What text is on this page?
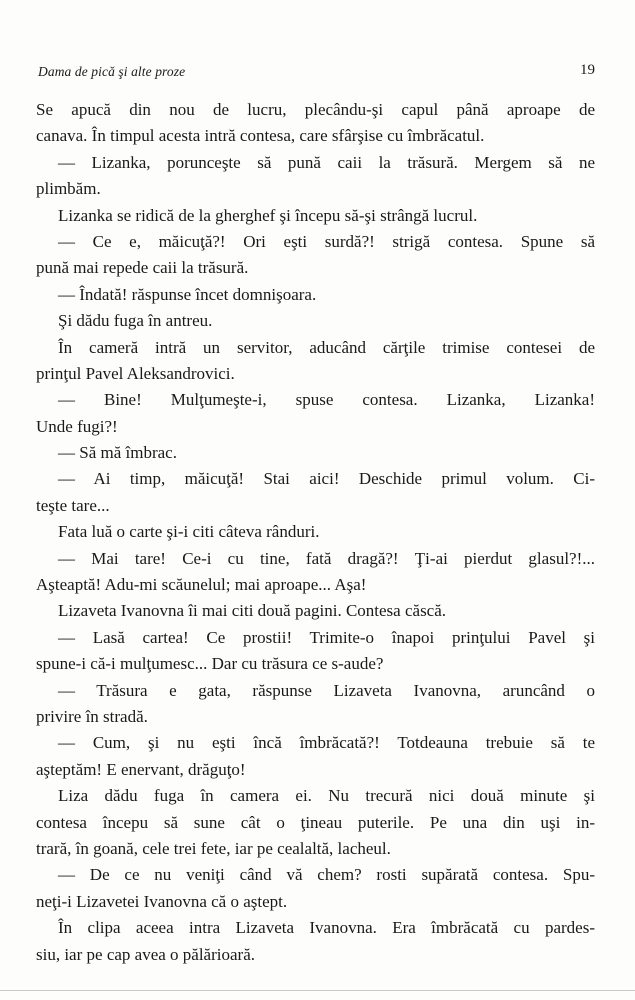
Dama de pică şi alte proze	19
Se apucă din nou de lucru, plecându-şi capul până aproape de
canava. În timpul acesta intră contesa, care sfârşise cu îmbrăcatul.
— Lizanka, porunceşte să pună caii la trăsură. Mergem să ne
plimbăm.
Lizanka se ridică de la gherghef şi începu să-şi strângă lucrul.
— Ce e, măicuţă?! Ori eşti surdă?! strigă contesa. Spune să
pună mai repede caii la trăsură.
— Îndată! răspunse încet domnişoara.
Şi dădu fuga în antreu.
În cameră intră un servitor, aducând cărţile trimise contesei de
prinţul Pavel Aleksandrovici.
— Bine! Mulţumeşte-i, spuse contesa. Lizanka, Lizanka!
Unde fugi?!
— Să mă îmbrac.
— Ai timp, măicuţă! Stai aici! Deschide primul volum. Ci-
teşte tare...
Fata luă o carte şi-i citi câteva rânduri.
— Mai tare! Ce-i cu tine, fată dragă?! Ţi-ai pierdut glasul?!...
Aşteaptă! Adu-mi scăunelul; mai aproape... Aşa!
Lizaveta Ivanovna îi mai citi două pagini. Contesa căscă.
— Lasă cartea! Ce prostii! Trimite-o înapoi prinţului Pavel şi
spune-i că-i mulţumesc... Dar cu trăsura ce s-aude?
— Trăsura e gata, răspunse Lizaveta Ivanovna, aruncând o
privire în stradă.
— Cum, şi nu eşti încă îmbrăcată?! Totdeauna trebuie să te
aşteptăm! E enervant, drăguţo!
Liza dădu fuga în camera ei. Nu trecură nici două minute şi
contesa începu să sune cât o ţineau puterile. Pe una din uşi in-
trară, în goană, cele trei fete, iar pe cealaltă, lacheul.
— De ce nu veniţi când vă chem? rosti supărată contesa. Spu-
neţi-i Lizavetei Ivanovna că o aştept.
În clipa aceea intra Lizaveta Ivanovna. Era îmbrăcată cu pardes-
siu, iar pe cap avea o pălărioară.
